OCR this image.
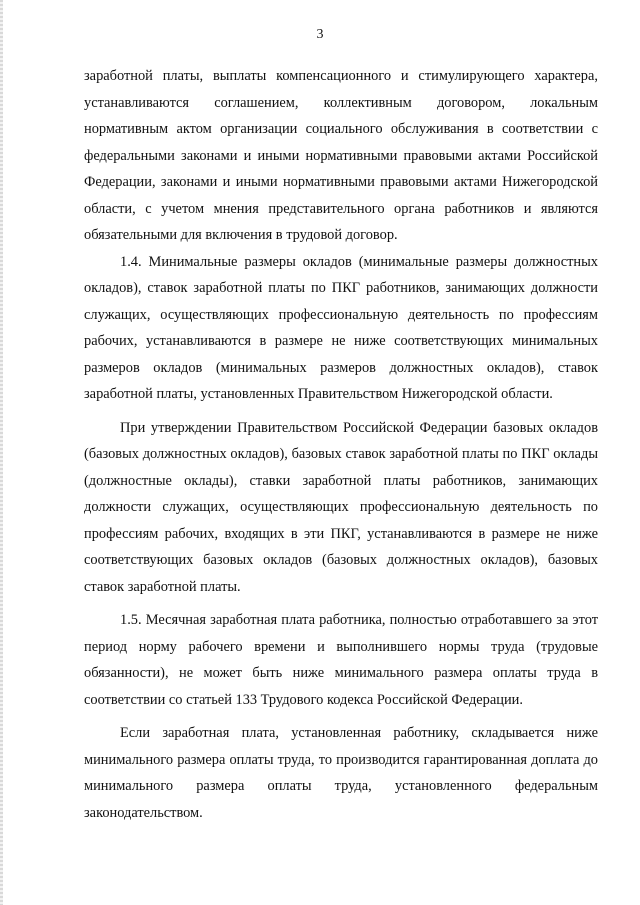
3

заработной платы, выплаты компенсационного и стимулирующего характера, устанавливаются соглашением, коллективным договором, локальным нормативным актом организации социального обслуживания в соответствии с федеральными законами и иными нормативными правовыми актами Российской Федерации, законами и иными нормативными правовыми актами Нижегородской области, с учетом мнения представительного органа работников и являются обязательными для включения в трудовой договор.

1.4. Минимальные размеры окладов (минимальные размеры должностных окладов), ставок заработной платы по ПКГ работников, занимающих должности служащих, осуществляющих профессиональную деятельность по профессиям рабочих, устанавливаются в размере не ниже соответствующих минимальных размеров окладов (минимальных размеров должностных окладов), ставок заработной платы, установленных Правительством Нижегородской области.

При утверждении Правительством Российской Федерации базовых окладов (базовых должностных окладов), базовых ставок заработной платы по ПКГ оклады (должностные оклады), ставки заработной платы работников, занимающих должности служащих, осуществляющих профессиональную деятельность по профессиям рабочих, входящих в эти ПКГ, устанавливаются в размере не ниже соответствующих базовых окладов (базовых должностных окладов), базовых ставок заработной платы.

1.5. Месячная заработная плата работника, полностью отработавшего за этот период норму рабочего времени и выполнившего нормы труда (трудовые обязанности), не может быть ниже минимального размера оплаты труда в соответствии со статьей 133 Трудового кодекса Российской Федерации.

Если заработная плата, установленная работнику, складывается ниже минимального размера оплаты труда, то производится гарантированная доплата до минимального размера оплаты труда, установленного федеральным законодательством.
